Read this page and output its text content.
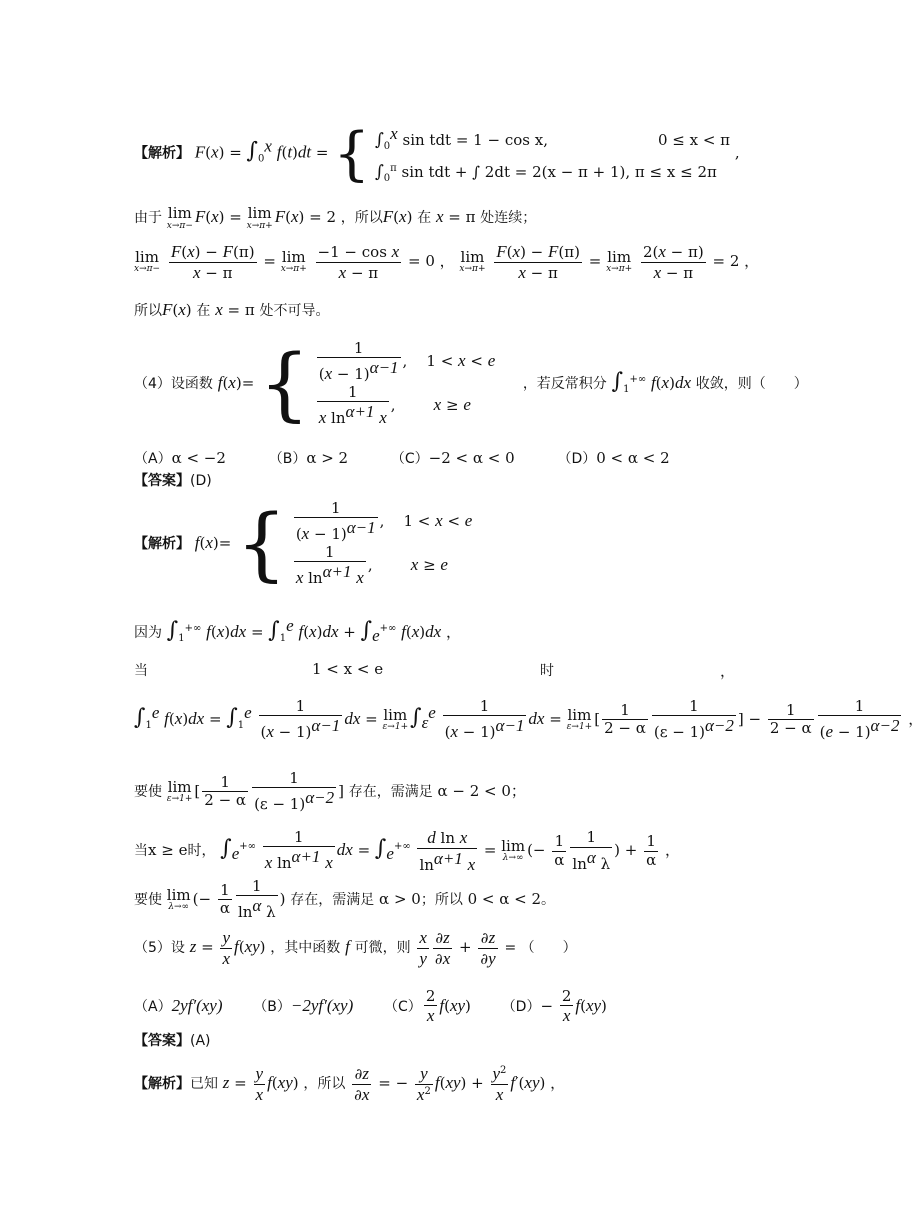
【解析】 $F(x) = \int_0^x$ f(t)dt = { $\int_0^x$ sin tdt = 1 − cos x,	0 ≤ x < π
$\int_0^\pi$ sin tdt + ∫ 2dt = 2(x − π + 1), π ≤ x ≤ 2π
,
由于 lim
x→π− F(x) = lim
x→π+ F(x) = 2 ，所以F(x) 在 x = π 处连续；
lim
x→π−
$\frac{F(x) - F(\pi)}{x - \pi} = \lim$
x→π+
$\frac{\text{−1 − cos x}}{x - \pi} = 0$ ， lim
x→π+
$\frac{F(x) - F(\pi)}{x - \pi} = \lim$
x→π+
$\frac{2(x - \pi)}{x - \pi} = 2$ ，
所以F(x) 在 x = π 处不可导。
（4）设函数 f(x)= { $\frac{1}{(x - 1)^{\alpha-1}}$ ,    1 < x < e
$\frac{1}{x \ln^{\alpha+1} x}$ ,        x ≥ e
，若反常积分 $\int_1^{+\infty}$ f(x)dx 收敛，则（　　）
（A）α < −2	（B）α > 2	（C）−2 < α < 0	（D）0 < α < 2
【答案】(D)
【解析】 f(x)= { $\frac{1}{(x - 1)^{\alpha-1}}$ ,    1 < x < e
$\frac{1}{x \ln^{\alpha+1} x}$ ,        x ≥ e
因为 $\int_1^{+\infty}$ $f(x)dx = \int_1^e$ $f(x)dx + \int_e^{+\infty}$ f(x)dx ，
当	1 < x < e	时	，
$\int_1^e$ $f(x)dx = \int_1^e \frac{1}{(x - 1)^{\alpha-1}}$ dx = lim
$\varepsilon\to 1+ \int_\varepsilon^e \frac{1}{(x - 1)^{\alpha-1}}$ dx = lim
ε→1+ [ $\frac{1}{2 - \alpha} \frac{1}{(\varepsilon - 1)^{\alpha-2}}$ ] − $\frac{1}{2 - \alpha} \frac{1}{(e - 1)^{\alpha-2}}$ ，
要使 lim
ε→1+ [ $\frac{1}{2 - \alpha} \frac{1}{(\varepsilon - 1)^{\alpha-2}}$ ] 存在，需满足 α − 2 < 0；
当x ≥ e时， $\int_e^{+\infty} \frac{1}{x \ln^{\alpha+1} x}$ dx = $\int_e^{+\infty} \frac{\text{d ln x}}{\ln^{\alpha+1} x} = \lim$
λ→∞ (− $\frac{1}{\alpha} \frac{1}{\ln^\alpha \lambda}$ ) + $\frac{1}{\alpha}$ ，
要使 lim
λ→∞ (− $\frac{1}{\alpha} \frac{1}{\ln^\alpha \lambda}$ ) 存在，需满足 α > 0；所以 0 < α < 2。
（5）设 $z = \frac{y}{x} f(xy)$ ，其中函数 f 可微，则 $\frac{x}{y} \frac{\partial z}{\partial x} + \frac{\partial z}{\partial y}$ = （　　）
（A）2yf′(xy) （B）−2yf′(xy) $(C) \frac{2}{x} f(xy)$ $(D)- \frac{2}{x} f(xy)$
【答案】(A)
【解析】已知 $z = \frac{y}{x} f(xy)$ ，所以 $\frac{\partial z}{\partial x}$ = − $\frac{y}{x^2} f(xy) + \frac{y^2}{x} f'(xy)$ ，
